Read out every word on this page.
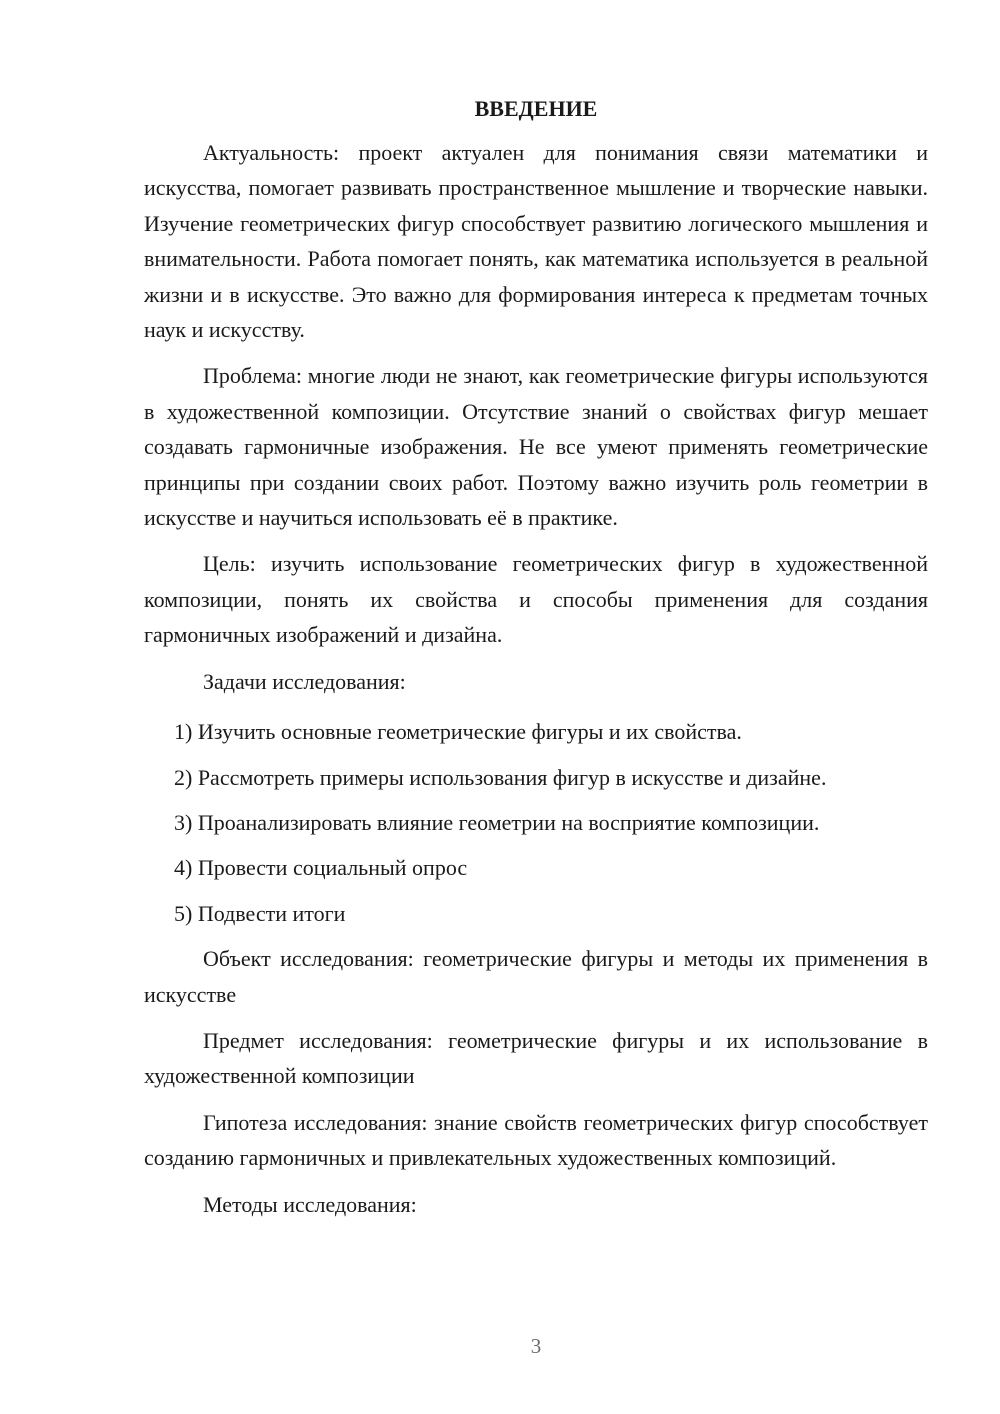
ВВЕДЕНИЕ

Актуальность: проект актуален для понимания связи математики и искусства, помогает развивать пространственное мышление и творческие навыки. Изучение геометрических фигур способствует развитию логического мышления и внимательности. Работа помогает понять, как математика используется в реальной жизни и в искусстве. Это важно для формирования интереса к предметам точных наук и искусству.

Проблема: многие люди не знают, как геометрические фигуры используются в художественной композиции. Отсутствие знаний о свойствах фигур мешает создавать гармоничные изображения. Не все умеют применять геометрические принципы при создании своих работ. Поэтому важно изучить роль геометрии в искусстве и научиться использовать её в практике.

Цель: изучить использование геометрических фигур в художественной композиции, понять их свойства и способы применения для создания гармоничных изображений и дизайна.

Задачи исследования:

1) Изучить основные геометрические фигуры и их свойства.
2) Рассмотреть примеры использования фигур в искусстве и дизайне.
3) Проанализировать влияние геометрии на восприятие композиции.
4) Провести социальный опрос
5) Подвести итоги

Объект исследования: геометрические фигуры и методы их применения в искусстве

Предмет исследования: геометрические фигуры и их использование в художественной композиции

Гипотеза исследования: знание свойств геометрических фигур способствует созданию гармоничных и привлекательных художественных композиций.

Методы исследования:

3
